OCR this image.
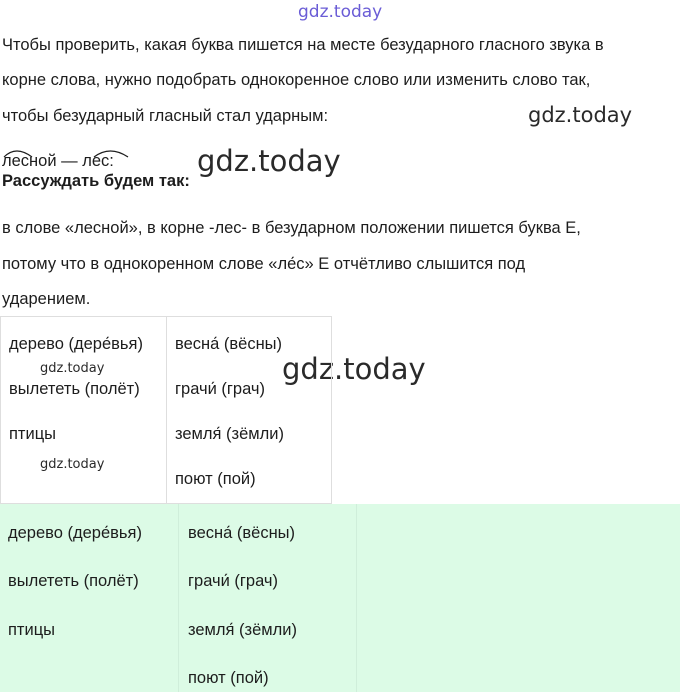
gdz.today
gdz.today
gdz.today
gdz.today
gdz.today
gdz.today
Чтобы проверить, какая буква пишется на месте безударного гласного звука в
корне слова, нужно подобрать однокоренное слово или изменить слово так,
чтобы безударный гласный стал ударным:
лесной — лес:
Рассуждать будем так:
в слове «лесной», в корне -лес- в безударном положении пишется буква Е,
потому что в однокоренном слове «ле́с» Е отчётливо слышится под
ударением.
дерево (дере́вья)
вылететь (полёт)
птицы
весна́ (вёсны)
грачи́ (грач)
земля́ (зёмли)
поют (пой)
дерево (дере́вья)
вылететь (полёт)
птицы
весна́ (вёсны)
грачи́ (грач)
земля́ (зёмли)
поют (пой)
